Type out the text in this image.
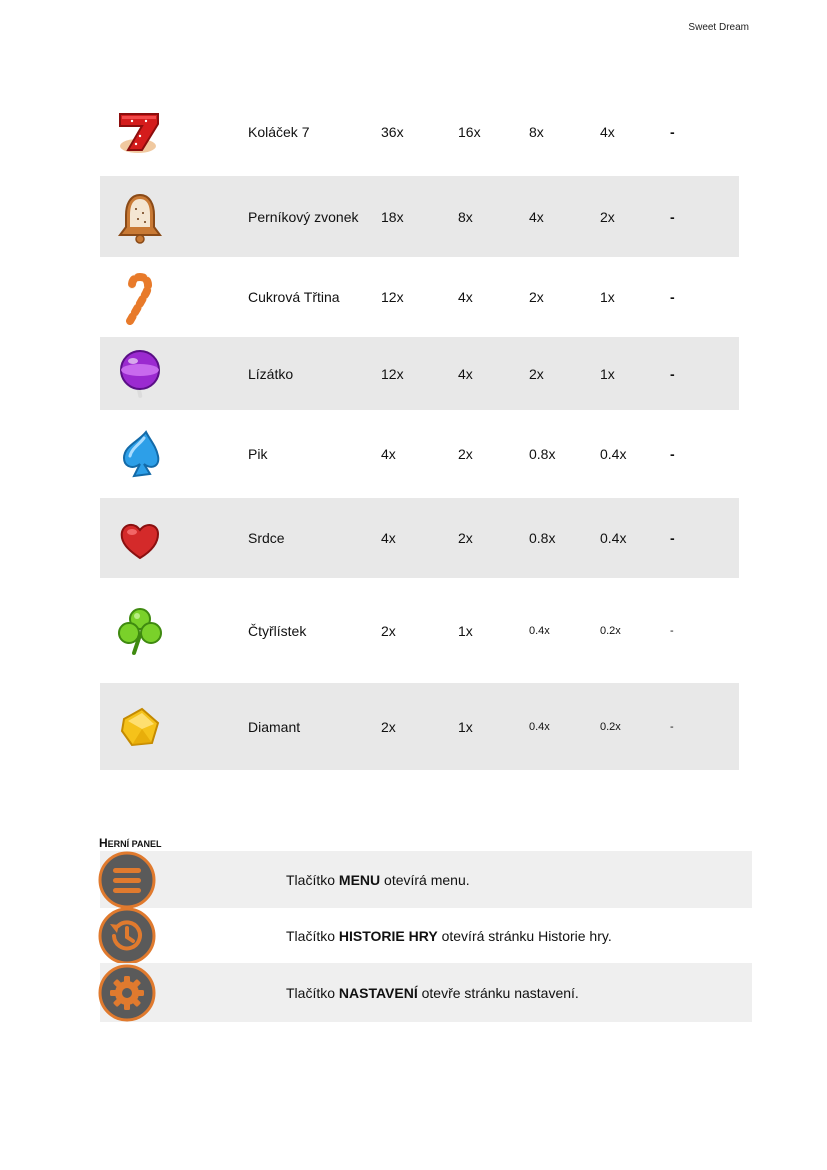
Sweet Dream
Koláček 7	36x	16x	8x	4x	-
Perníkový zvonek 18x	8x	4x	2x	-
Cukrová Třtina	12x	4x	2x	1x	-
Lízátko	12x	4x	2x	1x	-
Pik	4x	2x	0.8x	0.4x	-
Srdce	4x	2x	0.8x	0.4x	-
Čtyřlístek	2x	1x	0.4x	0.2x	-
Diamant	2x	1x	0.4x	0.2x	-
HERNÍ PANEL
Tlačítko MENU otevírá menu.
Tlačítko HISTORIE HRY otevírá stránku Historie hry.
Tlačítko NASTAVENÍ otevře stránku nastavení.
